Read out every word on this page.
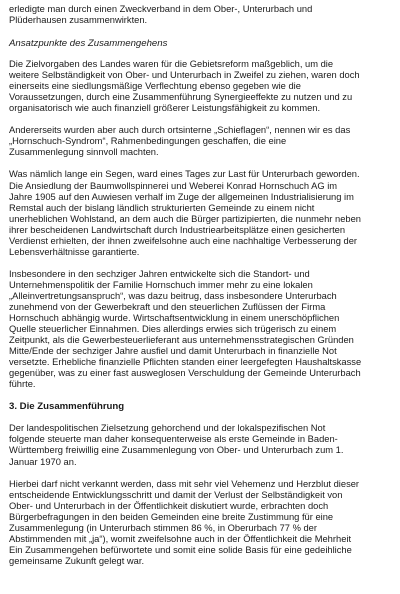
erledigte man durch einen Zweckverband in dem Ober-, Unterurbach und
Plüderhausen zusammenwirkten.

Ansatzpunkte des Zusammengehens

Die Zielvorgaben des Landes waren für die Gebietsreform maßgeblich, um die
weitere Selbständigkeit von Ober- und Unterurbach in Zweifel zu ziehen, waren doch
einerseits eine siedlungsmäßige Verflechtung ebenso gegeben wie die
Voraussetzungen, durch eine Zusammenführung Synergieeffekte zu nutzen und zu
organisatorisch wie auch finanziell größerer Leistungsfähigkeit zu kommen.

Andererseits wurden aber auch durch ortsinterne „Schieflagen“, nennen wir es das
„Hornschuch-Syndrom“, Rahmenbedingungen geschaffen, die eine
Zusammenlegung sinnvoll machten.

Was nämlich lange ein Segen, ward eines Tages zur Last für Unterurbach geworden.
Die Ansiedlung der Baumwollspinnerei und Weberei Konrad Hornschuch AG im
Jahre 1905 auf den Auwiesen verhalf im Zuge der allgemeinen Industrialisierung im
Remstal auch der bislang ländlich strukturierten Gemeinde zu einem nicht
unerheblichen Wohlstand, an dem auch die Bürger partizipierten, die nunmehr neben
ihrer bescheidenen Landwirtschaft durch Industriearbeitsplätze einen gesicherten
Verdienst erhielten, der ihnen zweifelsohne auch eine nachhaltige Verbesserung der
Lebensverhältnisse garantierte.

Insbesondere in den sechziger Jahren entwickelte sich die Standort- und
Unternehmenspolitik der Familie Hornschuch immer mehr zu eine lokalen
„Alleinvertretungsanspruch“, was dazu beitrug, dass insbesondere Unterurbach
zunehmend von der Gewerbekraft und den steuerlichen Zuflüssen der Firma
Hornschuch abhängig wurde. Wirtschaftsentwicklung in einem unerschöpflichen
Quelle steuerlicher Einnahmen. Dies allerdings erwies sich trügerisch zu einem
Zeitpunkt, als die Gewerbesteuerlieferant aus unternehmensstrategischen Gründen
Mitte/Ende der sechziger Jahre ausfiel und damit Unterurbach in finanzielle Not
versetzte. Erhebliche finanzielle Pflichten standen einer leergefegten Haushaltskasse
gegenüber, was zu einer fast ausweglosen Verschuldung der Gemeinde Unterurbach
führte.

3. Die Zusammenführung

Der landespolitischen Zielsetzung gehorchend und der lokalspezifischen Not
folgende steuerte man daher konsequenterweise als erste Gemeinde in Baden-
Württemberg freiwillig eine Zusammenlegung von Ober- und Unterurbach zum 1.
Januar 1970 an.

Hierbei darf nicht verkannt werden, dass mit sehr viel Vehemenz und Herzblut dieser
entscheidende Entwicklungsschritt und damit der Verlust der Selbständigkeit von
Ober- und Unterurbach in der Öffentlichkeit diskutiert wurde, erbrachten doch
Bürgerbefragungen in den beiden Gemeinden eine breite Zustimmung für eine
Zusammenlegung (in Unterurbach stimmen 86 %, in Oberurbach 77 % der
Abstimmenden mit „ja“), womit zweifelsohne auch in der Öffentlichkeit die Mehrheit
Ein Zusammengehen befürwortete und somit eine solide Basis für eine gedeihliche
gemeinsame Zukunft gelegt war.
